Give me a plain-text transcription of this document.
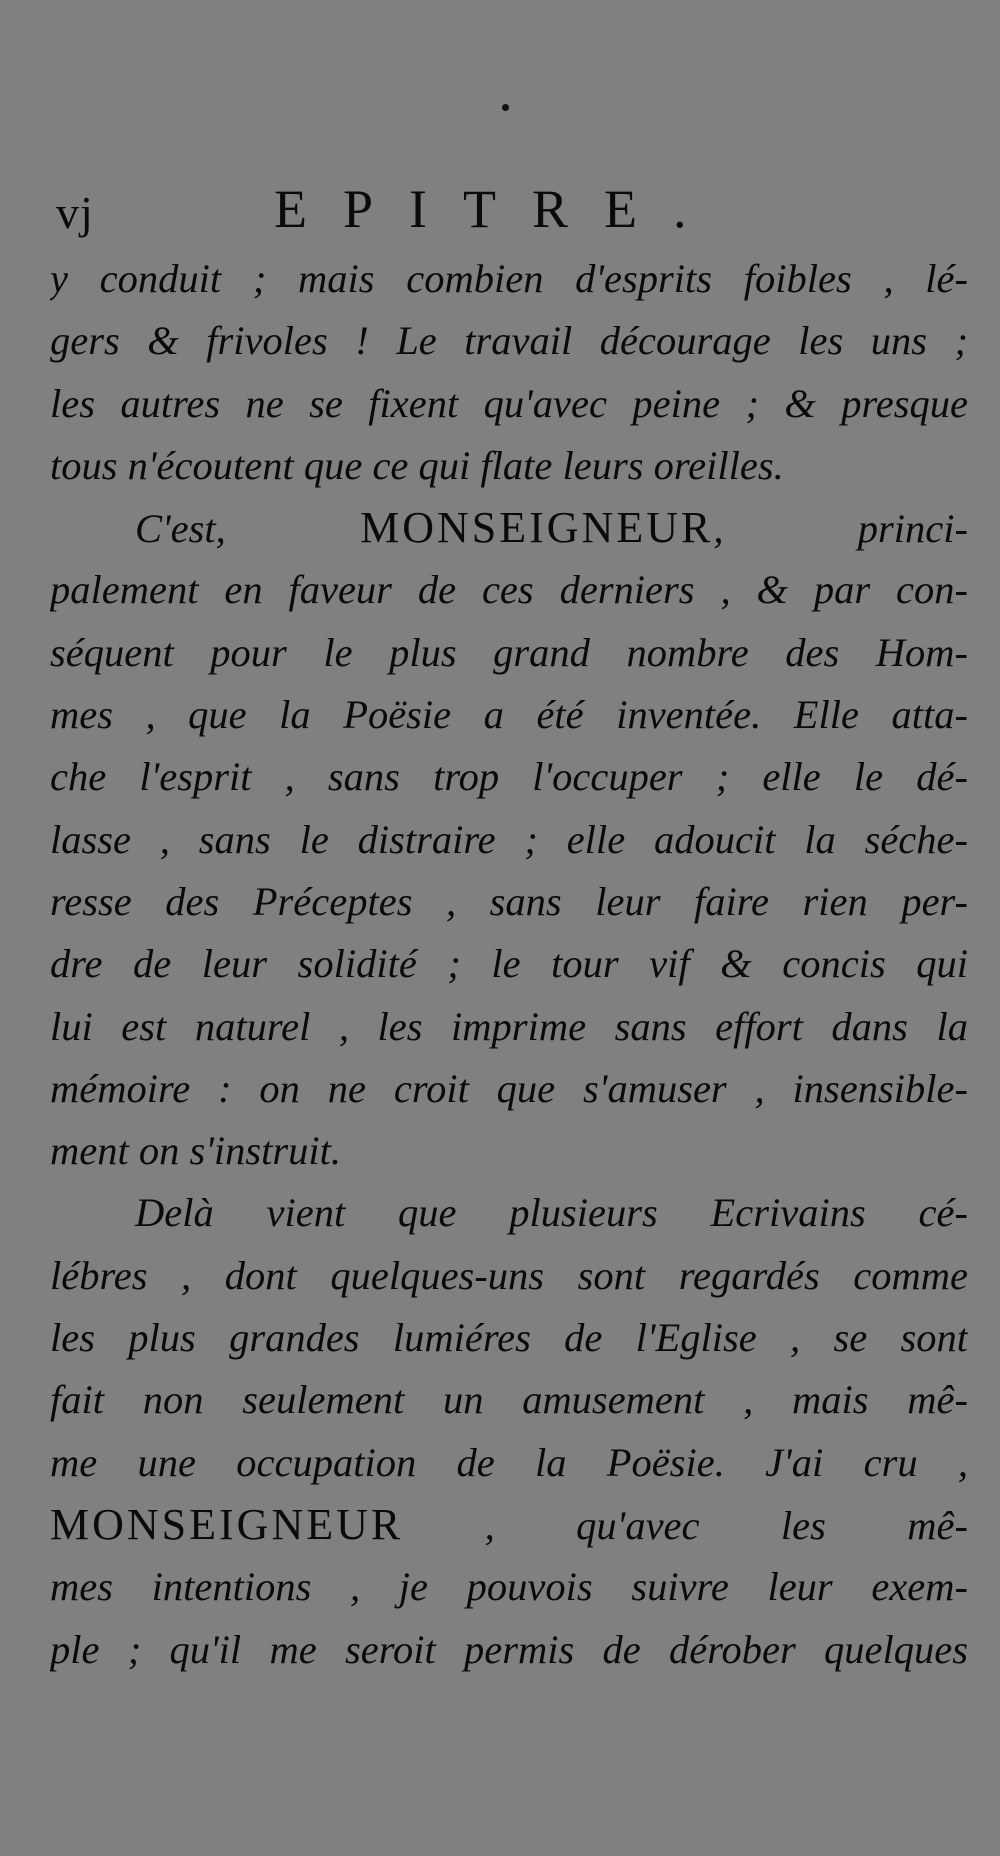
vj	EPITRE.
y conduit ; mais combien d'esprits foibles , lé-
gers & frivoles ! Le travail décourage les uns ;
les autres ne se fixent qu'avec peine ; & presque
tous n'écoutent que ce qui flate leurs oreilles.
C'est, MONSEIGNEUR, princi-
palement en faveur de ces derniers , & par con-
séquent pour le plus grand nombre des Hom-
mes , que la Poësie a été inventée. Elle atta-
che l'esprit , sans trop l'occuper ; elle le dé-
lasse , sans le distraire ; elle adoucit la séche-
resse des Préceptes , sans leur faire rien per-
dre de leur solidité ; le tour vif & concis qui
lui est naturel , les imprime sans effort dans la
mémoire : on ne croit que s'amuser , insensible-
ment on s'instruit.
Delà vient que plusieurs Ecrivains cé-
lébres , dont quelques-uns sont regardés comme
les plus grandes lumiéres de l'Eglise , se sont
fait non seulement un amusement , mais mê-
me une occupation de la Poësie. J'ai cru ,
MONSEIGNEUR , qu'avec les mê-
mes intentions , je pouvois suivre leur exem-
ple ; qu'il me seroit permis de dérober quelques
